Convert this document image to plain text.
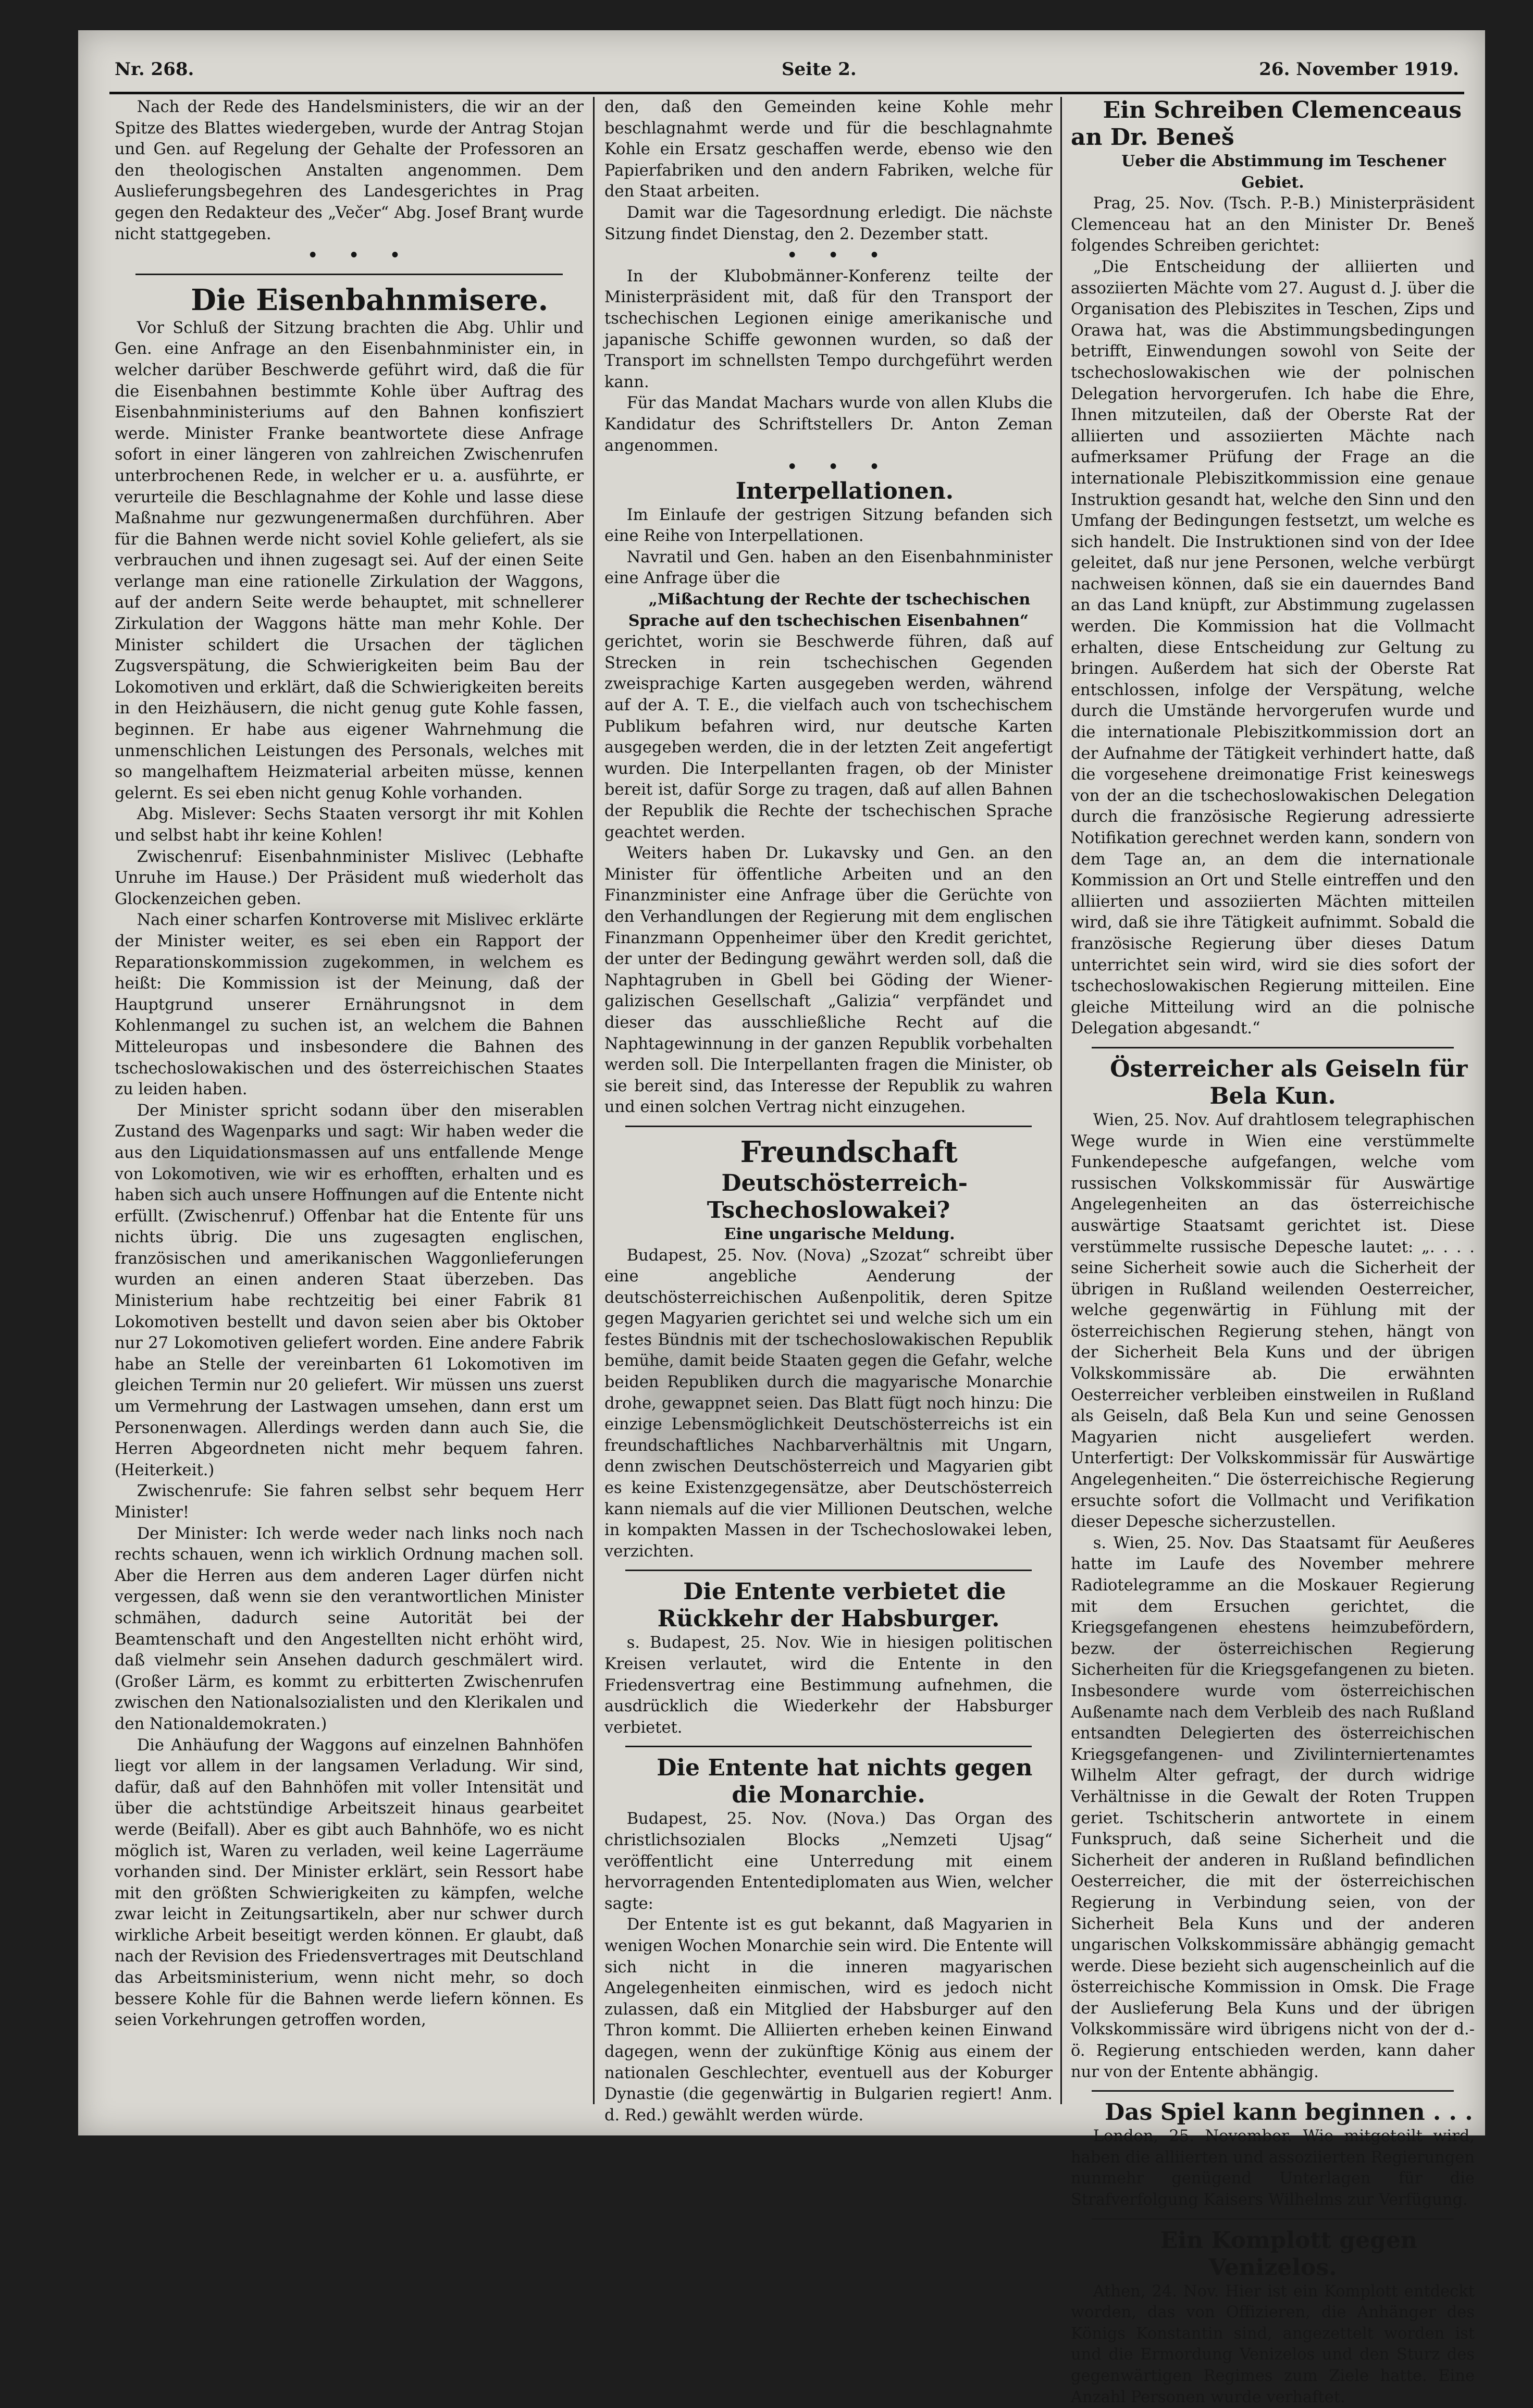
Nr. 268.	Seite 2.	26. November 1919.

Nach der Rede des Handelsministers, die wir an der Spitze des Blattes wiedergeben, wurde der Antrag Stojan und Gen. auf Regelung der Gehalte der Professoren an den theologischen Anstalten angenommen. Dem Auslieferungsbegehren des Landesgerichtes in Prag gegen den Redakteur des „Večer“ Abg. Josef Branţ wurde nicht stattgegeben.

• • •

Die Eisenbahnmisere.

Vor Schluß der Sitzung brachten die Abg. Uhlir und Gen. eine Anfrage an den Eisenbahnminister ein, in welcher darüber Beschwerde geführt wird, daß die für die Eisenbahnen bestimmte Kohle über Auftrag des Eisenbahnministeriums auf den Bahnen konfisziert werde. Minister Franke beantwortete diese Anfrage sofort in einer längeren von zahlreichen Zwischenrufen unterbrochenen Rede, in welcher er u. a. ausführte, er verurteile die Beschlagnahme der Kohle und lasse diese Maßnahme nur gezwungenermaßen durchführen. Aber für die Bahnen werde nicht soviel Kohle geliefert, als sie verbrauchen und ihnen zugesagt sei. Auf der einen Seite verlange man eine rationelle Zirkulation der Waggons, auf der andern Seite werde behauptet, mit schnellerer Zirkulation der Waggons hätte man mehr Kohle. Der Minister schildert die Ursachen der täglichen Zugsverspätung, die Schwierigkeiten beim Bau der Lokomotiven und erklärt, daß die Schwierigkeiten bereits in den Heizhäusern, die nicht genug gute Kohle fassen, beginnen. Er habe aus eigener Wahrnehmung die unmenschlichen Leistungen des Personals, welches mit so mangelhaftem Heizmaterial arbeiten müsse, kennen gelernt. Es sei eben nicht genug Kohle vorhanden.

Abg. Mislever: Sechs Staaten versorgt ihr mit Kohlen und selbst habt ihr keine Kohlen!

Zwischenruf: Eisenbahnminister Mislivec (Lebhafte Unruhe im Hause.) Der Präsident muß wiederholt das Glockenzeichen geben.

Nach einer scharfen Kontroverse mit Mislivec erklärte der Minister weiter, es sei eben ein Rapport der Reparationskommission zugekommen, in welchem es heißt: Die Kommission ist der Meinung, daß der Hauptgrund unserer Ernährungsnot in dem Kohlenmangel zu suchen ist, an welchem die Bahnen Mitteleuropas und insbesondere die Bahnen des tschechoslowakischen und des österreichischen Staates zu leiden haben.

Der Minister spricht sodann über den miserablen Zustand des Wagenparks und sagt: Wir haben weder die aus den Liquidationsmassen auf uns entfallende Menge von Lokomotiven, wie wir es erhofften, erhalten und es haben sich auch unsere Hoffnungen auf die Entente nicht erfüllt. (Zwischenruf.) Offenbar hat die Entente für uns nichts übrig. Die uns zugesagten englischen, französischen und amerikanischen Waggonlieferungen wurden an einen anderen Staat überzeben. Das Ministerium habe rechtzeitig bei einer Fabrik 81 Lokomotiven bestellt und davon seien aber bis Oktober nur 27 Lokomotiven geliefert worden. Eine andere Fabrik habe an Stelle der vereinbarten 61 Lokomotiven im gleichen Termin nur 20 geliefert. Wir müssen uns zuerst um Vermehrung der Lastwagen umsehen, dann erst um Personenwagen. Allerdings werden dann auch Sie, die Herren Abgeordneten nicht mehr bequem fahren. (Heiterkeit.)

Zwischenrufe: Sie fahren selbst sehr bequem Herr Minister!

Der Minister: Ich werde weder nach links noch nach rechts schauen, wenn ich wirklich Ordnung machen soll. Aber die Herren aus dem anderen Lager dürfen nicht vergessen, daß wenn sie den verantwortlichen Minister schmähen, dadurch seine Autorität bei der Beamtenschaft und den Angestellten nicht erhöht wird, daß vielmehr sein Ansehen dadurch geschmälert wird. (Großer Lärm, es kommt zu erbitterten Zwischenrufen zwischen den Nationalsozialisten und den Klerikalen und den Nationaldemokraten.)

Die Anhäufung der Waggons auf einzelnen Bahnhöfen liegt vor allem in der langsamen Verladung. Wir sind, dafür, daß auf den Bahnhöfen mit voller Intensität und über die achtstündige Arbeitszeit hinaus gearbeitet werde (Beifall). Aber es gibt auch Bahnhöfe, wo es nicht möglich ist, Waren zu verladen, weil keine Lagerräume vorhanden sind. Der Minister erklärt, sein Ressort habe mit den größten Schwierigkeiten zu kämpfen, welche zwar leicht in Zeitungsartikeln, aber nur schwer durch wirkliche Arbeit beseitigt werden können. Er glaubt, daß nach der Revision des Friedensvertrages mit Deutschland das Arbeitsministerium, wenn nicht mehr, so doch bessere Kohle für die Bahnen werde liefern können. Es seien Vorkehrungen getroffen worden,

den, daß den Gemeinden keine Kohle mehr beschlagnahmt werde und für die beschlagnahmte Kohle ein Ersatz geschaffen werde, ebenso wie den Papierfabriken und den andern Fabriken, welche für den Staat arbeiten.

Damit war die Tagesordnung erledigt. Die nächste Sitzung findet Dienstag, den 2. Dezember statt.

• • •

In der Klubobmänner-Konferenz teilte der Ministerpräsident mit, daß für den Transport der tschechischen Legionen einige amerikanische und japanische Schiffe gewonnen wurden, so daß der Transport im schnellsten Tempo durchgeführt werden kann.

Für das Mandat Machars wurde von allen Klubs die Kandidatur des Schriftstellers Dr. Anton Zeman angenommen.

• • •

Interpellationen.

Im Einlaufe der gestrigen Sitzung befanden sich eine Reihe von Interpellationen.

Navratil und Gen. haben an den Eisenbahnminister eine Anfrage über die

„Mißachtung der Rechte der tschechischen Sprache auf den tschechischen Eisenbahnen“

gerichtet, worin sie Beschwerde führen, daß auf Strecken in rein tschechischen Gegenden zweisprachige Karten ausgegeben werden, während auf der A. T. E., die vielfach auch von tschechischem Publikum befahren wird, nur deutsche Karten ausgegeben werden, die in der letzten Zeit angefertigt wurden. Die Interpellanten fragen, ob der Minister bereit ist, dafür Sorge zu tragen, daß auf allen Bahnen der Republik die Rechte der tschechischen Sprache geachtet werden.

Weiters haben Dr. Lukavsky und Gen. an den Minister für öffentliche Arbeiten und an den Finanzminister eine Anfrage über die Gerüchte von den Verhandlungen der Regierung mit dem englischen Finanzmann Oppenheimer über den Kredit gerichtet, der unter der Bedingung gewährt werden soll, daß die Naphtagruben in Gbell bei Göding der Wiener-galizischen Gesellschaft „Galizia“ verpfändet und dieser das ausschließliche Recht auf die Naphtagewinnung in der ganzen Republik vorbehalten werden soll. Die Interpellanten fragen die Minister, ob sie bereit sind, das Interesse der Republik zu wahren und einen solchen Vertrag nicht einzugehen.

Freundschaft

Deutschösterreich-Tschechoslowakei?

Eine ungarische Meldung.

Budapest, 25. Nov. (Nova) „Szozat“ schreibt über eine angebliche Aenderung der deutschösterreichischen Außenpolitik, deren Spitze gegen Magyarien gerichtet sei und welche sich um ein festes Bündnis mit der tschechoslowakischen Republik bemühe, damit beide Staaten gegen die Gefahr, welche beiden Republiken durch die magyarische Monarchie drohe, gewappnet seien. Das Blatt fügt noch hinzu: Die einzige Lebensmöglichkeit Deutschösterreichs ist ein freundschaftliches Nachbarverhältnis mit Ungarn, denn zwischen Deutschösterreich und Magyarien gibt es keine Existenzgegensätze, aber Deutschösterreich kann niemals auf die vier Millionen Deutschen, welche in kompakten Massen in der Tschechoslowakei leben, verzichten.

Die Entente verbietet die Rückkehr der Habsburger.

s. Budapest, 25. Nov. Wie in hiesigen politischen Kreisen verlautet, wird die Entente in den Friedensvertrag eine Bestimmung aufnehmen, die ausdrücklich die Wiederkehr der Habsburger verbietet.

Die Entente hat nichts gegen die Monarchie.

Budapest, 25. Nov. (Nova.) Das Organ des christlichsozialen Blocks „Nemzeti Ujsag“ veröffentlicht eine Unterredung mit einem hervorragenden Ententediplomaten aus Wien, welcher sagte:

Der Entente ist es gut bekannt, daß Magyarien in wenigen Wochen Monarchie sein wird. Die Entente will sich nicht in die inneren magyarischen Angelegenheiten einmischen, wird es jedoch nicht zulassen, daß ein Mitglied der Habsburger auf den Thron kommt. Die Alliierten erheben keinen Einwand dagegen, wenn der zukünftige König aus einem der nationalen Geschlechter, eventuell aus der Koburger Dynastie (die gegenwärtig in Bulgarien regiert! Anm. d. Red.) gewählt werden würde.

Ein Schreiben Clemenceaus an Dr. Beneš

Ueber die Abstimmung im Teschener Gebiet.

Prag, 25. Nov. (Tsch. P.-B.) Ministerpräsident Clemenceau hat an den Minister Dr. Beneš folgendes Schreiben gerichtet:

„Die Entscheidung der alliierten und assoziierten Mächte vom 27. August d. J. über die Organisation des Plebiszites in Teschen, Zips und Orawa hat, was die Abstimmungsbedingungen betrifft, Einwendungen sowohl von Seite der tschechoslowakischen wie der polnischen Delegation hervorgerufen. Ich habe die Ehre, Ihnen mitzuteilen, daß der Oberste Rat der alliierten und assoziierten Mächte nach aufmerksamer Prüfung der Frage an die internationale Plebiszitkommission eine genaue Instruktion gesandt hat, welche den Sinn und den Umfang der Bedingungen festsetzt, um welche es sich handelt. Die Instruktionen sind von der Idee geleitet, daß nur jene Personen, welche verbürgt nachweisen können, daß sie ein dauerndes Band an das Land knüpft, zur Abstimmung zugelassen werden. Die Kommission hat die Vollmacht erhalten, diese Entscheidung zur Geltung zu bringen. Außerdem hat sich der Oberste Rat entschlossen, infolge der Verspätung, welche durch die Umstände hervorgerufen wurde und die internationale Plebiszitkommission dort an der Aufnahme der Tätigkeit verhindert hatte, daß die vorgesehene dreimonatige Frist keineswegs von der an die tschechoslowakischen Delegation durch die französische Regierung adressierte Notifikation gerechnet werden kann, sondern von dem Tage an, an dem die internationale Kommission an Ort und Stelle eintreffen und den alliierten und assoziierten Mächten mitteilen wird, daß sie ihre Tätigkeit aufnimmt. Sobald die französische Regierung über dieses Datum unterrichtet sein wird, wird sie dies sofort der tschechoslowakischen Regierung mitteilen. Eine gleiche Mitteilung wird an die polnische Delegation abgesandt.“

Österreicher als Geiseln für Bela Kun.

Wien, 25. Nov. Auf drahtlosem telegraphischen Wege wurde in Wien eine verstümmelte Funkendepesche aufgefangen, welche vom russischen Volkskommissär für Auswärtige Angelegenheiten an das österreichische auswärtige Staatsamt gerichtet ist. Diese verstümmelte russische Depesche lautet: „. . . . seine Sicherheit sowie auch die Sicherheit der übrigen in Rußland weilenden Oesterreicher, welche gegenwärtig in Fühlung mit der österreichischen Regierung stehen, hängt von der Sicherheit Bela Kuns und der übrigen Volkskommissäre ab. Die erwähnten Oesterreicher verbleiben einstweilen in Rußland als Geiseln, daß Bela Kun und seine Genossen Magyarien nicht ausgeliefert werden. Unterfertigt: Der Volkskommissär für Auswärtige Angelegenheiten.“ Die österreichische Regierung ersuchte sofort die Vollmacht und Verifikation dieser Depesche sicherzustellen.

s. Wien, 25. Nov. Das Staatsamt für Aeußeres hatte im Laufe des November mehrere Radiotelegramme an die Moskauer Regierung mit dem Ersuchen gerichtet, die Kriegsgefangenen ehestens heimzubefördern, bezw. der österreichischen Regierung Sicherheiten für die Kriegsgefangenen zu bieten. Insbesondere wurde vom österreichischen Außenamte nach dem Verbleib des nach Rußland entsandten Delegierten des österreichischen Kriegsgefangenen- und Zivilinterniertenamtes Wilhelm Alter gefragt, der durch widrige Verhältnisse in die Gewalt der Roten Truppen geriet. Tschitscherin antwortete in einem Funkspruch, daß seine Sicherheit und die Sicherheit der anderen in Rußland befindlichen Oesterreicher, die mit der österreichischen Regierung in Verbindung seien, von der Sicherheit Bela Kuns und der anderen ungarischen Volkskommissäre abhängig gemacht werde. Diese bezieht sich augenscheinlich auf die österreichische Kommission in Omsk. Die Frage der Auslieferung Bela Kuns und der übrigen Volkskommissäre wird übrigens nicht von der d.-ö. Regierung entschieden werden, kann daher nur von der Entente abhängig.

Das Spiel kann beginnen . . .

London, 25. November. Wie mitgeteilt wird, haben die alliierten und assoziierten Regierungen nunmehr genügend Unterlagen für die Strafverfolgung Kaisers Wilhelms zur Verfügung.

Ein Komplott gegen Venizelos.

Athen, 24. Nov. Hier ist ein Komplott entdeckt worden, das von Offizieren, die Anhänger des Königs Konstantin sind, angezettelt worden ist und die Ermordung Venizelos und den Sturz des gegenwärtigen Regimes zum Ziele hatte. Eine Anzahl Personen wurde verhaftet.
